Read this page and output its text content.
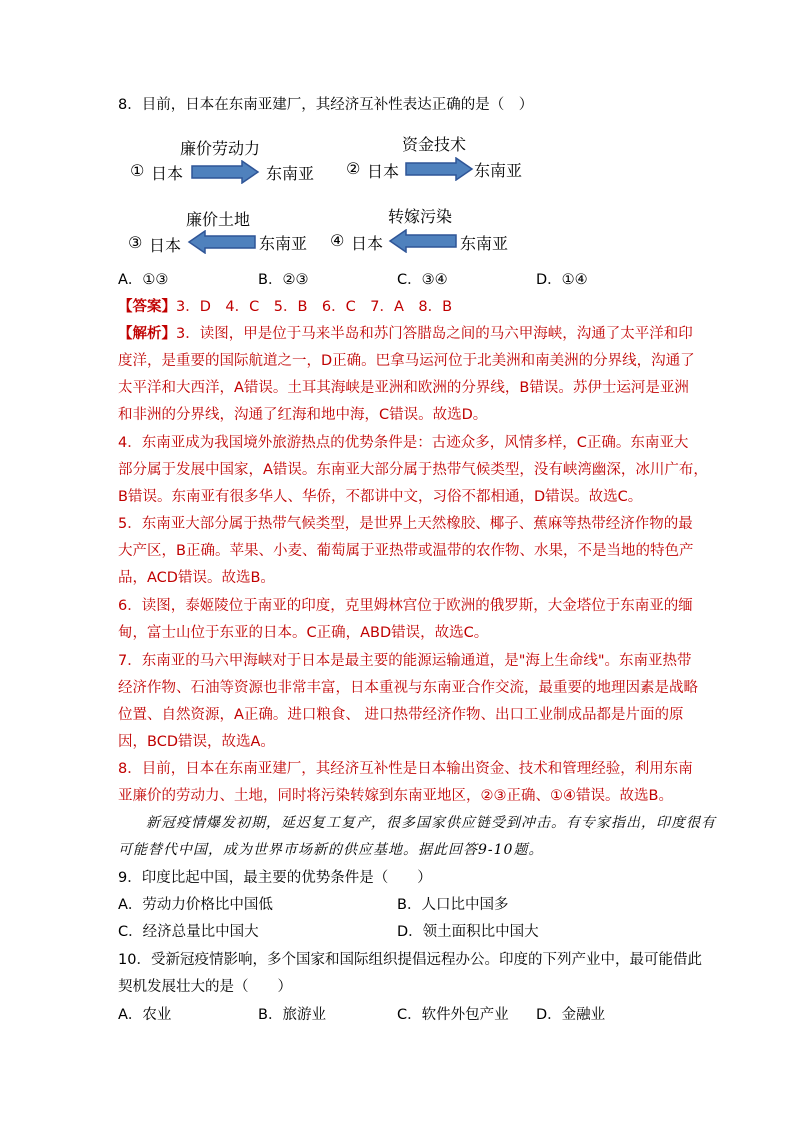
8．目前，日本在东南亚建厂，其经济互补性表达正确的是（　）
廉价劳动力
① 日本	东南亚
资金技术
② 日本	东南亚
廉价土地
③ 日本	东南亚
转嫁污染
④ 日本	东南亚
A．①③	B．②③	C．③④	D．①④
【答案】3．D　4．C　5．B　6．C　7．A　8．B
【解析】3．读图，甲是位于马来半岛和苏门答腊岛之间的马六甲海峡，沟通了太平洋和印
度洋，是重要的国际航道之一，D正确。巴拿马运河位于北美洲和南美洲的分界线，沟通了
太平洋和大西洋，A错误。土耳其海峡是亚洲和欧洲的分界线，B错误。苏伊士运河是亚洲
和非洲的分界线，沟通了红海和地中海，C错误。故选D。
4．东南亚成为我国境外旅游热点的优势条件是：古迹众多，风情多样，C正确。东南亚大
部分属于发展中国家，A错误。东南亚大部分属于热带气候类型，没有峡湾幽深，冰川广布，
B错误。东南亚有很多华人、华侨，不都讲中文，习俗不都相通，D错误。故选C。
5．东南亚大部分属于热带气候类型，是世界上天然橡胶、椰子、蕉麻等热带经济作物的最
大产区，B正确。苹果、小麦、葡萄属于亚热带或温带的农作物、水果，不是当地的特色产
品，ACD错误。故选B。
6．读图，泰姬陵位于南亚的印度，克里姆林宫位于欧洲的俄罗斯，大金塔位于东南亚的缅
甸，富士山位于东亚的日本。C正确，ABD错误，故选C。
7．东南亚的马六甲海峡对于日本是最主要的能源运输通道，是"海上生命线"。东南亚热带
经济作物、石油等资源也非常丰富，日本重视与东南亚合作交流，最重要的地理因素是战略
位置、自然资源，A正确。进口粮食、 进口热带经济作物、出口工业制成品都是片面的原
因，BCD错误，故选A。
8．目前，日本在东南亚建厂，其经济互补性是日本输出资金、技术和管理经验，利用东南
亚廉价的劳动力、土地，同时将污染转嫁到东南亚地区，②③正确、①④错误。故选B。
新冠疫情爆发初期，延迟复工复产，很多国家供应链受到冲击。有专家指出，印度很有
可能替代中国，成为世界市场新的供应基地。据此回答9-10题。
9．印度比起中国，最主要的优势条件是（　　）
A．劳动力价格比中国低	B．人口比中国多
C．经济总量比中国大	D．领土面积比中国大
10．受新冠疫情影响，多个国家和国际组织提倡远程办公。印度的下列产业中，最可能借此
契机发展壮大的是（　　）
A．农业	B．旅游业	C．软件外包产业 D．金融业
